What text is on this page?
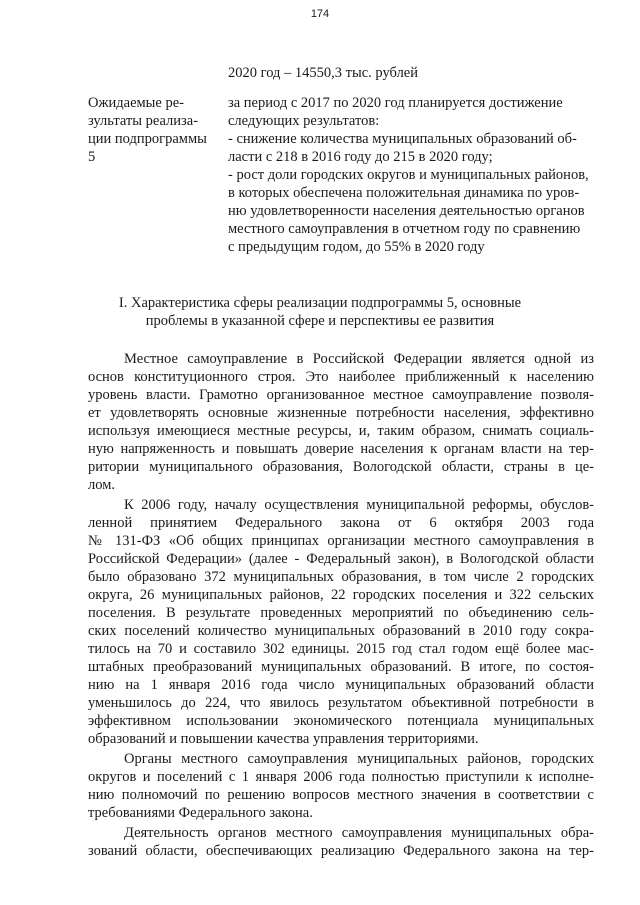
174
2020 год – 14550,3 тыс. рублей
Ожидаемые ре-
зультаты реализа-
ции подпрограммы
5
за период с 2017 по 2020 год планируется достижение
следующих результатов:
- снижение количества муниципальных образований об-
ласти с 218 в 2016 году до 215 в 2020 году;
- рост доли городских округов и муниципальных районов,
в которых обеспечена положительная динамика по уров-
ню удовлетворенности населения деятельностью органов
местного самоуправления в отчетном году по сравнению
с предыдущим годом, до 55% в 2020 году
I. Характеристика сферы реализации подпрограммы 5, основные
проблемы в указанной сфере и перспективы ее развития
Местное самоуправление в Российской Федерации является одной из
основ конституционного строя. Это наиболее приближенный к населению
уровень власти. Грамотно организованное местное самоуправление позволя-
ет удовлетворять основные жизненные потребности населения, эффективно
используя имеющиеся местные ресурсы, и, таким образом, снимать социаль-
ную напряженность и повышать доверие населения к органам власти на тер-
ритории муниципального образования, Вологодской области, страны в це-
лом.
К 2006 году, началу осуществления муниципальной реформы, обуслов-
ленной принятием Федерального закона от 6 октября 2003 года
№ 131-ФЗ «Об общих принципах организации местного самоуправления в
Российской Федерации» (далее - Федеральный закон), в Вологодской области
было образовано 372 муниципальных образования, в том числе 2 городских
округа, 26 муниципальных районов, 22 городских поселения и 322 сельских
поселения. В результате проведенных мероприятий по объединению сель-
ских поселений количество муниципальных образований в 2010 году сокра-
тилось на 70 и составило 302 единицы. 2015 год стал годом ещё более мас-
штабных преобразований муниципальных образований. В итоге, по состоя-
нию на 1 января 2016 года число муниципальных образований области
уменьшилось до 224, что явилось результатом объективной потребности в
эффективном использовании экономического потенциала муниципальных
образований и повышении качества управления территориями.
Органы местного самоуправления муниципальных районов, городских
округов и поселений с 1 января 2006 года полностью приступили к исполне-
нию полномочий по решению вопросов местного значения в соответствии с
требованиями Федерального закона.
Деятельность органов местного самоуправления муниципальных обра-
зований области, обеспечивающих реализацию Федерального закона на тер-
